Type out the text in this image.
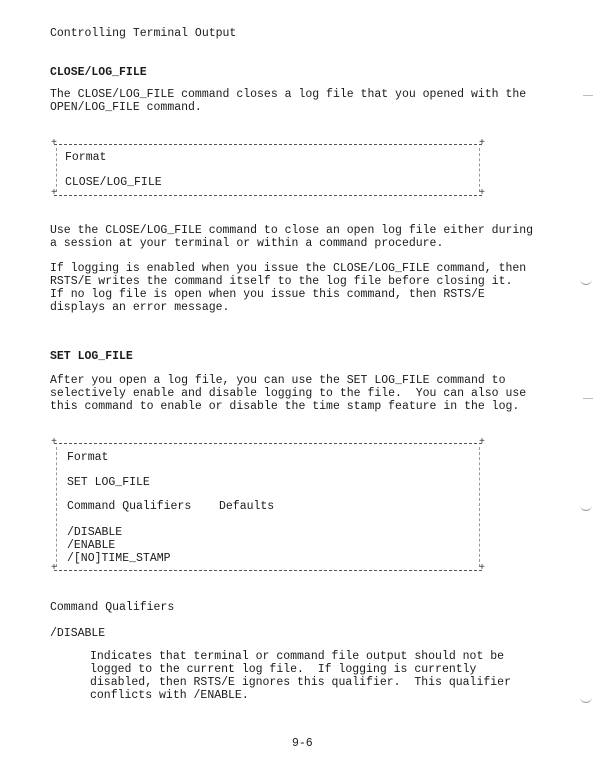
Controlling Terminal Output
CLOSE/LOG_FILE
The CLOSE/LOG_FILE command closes a log file that you opened with the
OPEN/LOG_FILE command.
+	+
+	+
Format
CLOSE/LOG_FILE
Use the CLOSE/LOG_FILE command to close an open log file either during
a session at your terminal or within a command procedure.
If logging is enabled when you issue the CLOSE/LOG_FILE command, then
RSTS/E writes the command itself to the log file before closing it.
If no log file is open when you issue this command, then RSTS/E
displays an error message.
SET LOG_FILE
After you open a log file, you can use the SET LOG_FILE command to
selectively enable and disable logging to the file.  You can also use
this command to enable or disable the time stamp feature in the log.
+	+
+	+
Format
SET LOG_FILE
Command Qualifiers Defaults
/DISABLE
/ENABLE
/[NO]TIME_STAMP
Command Qualifiers
/DISABLE
Indicates that terminal or command file output should not be
logged to the current log file.  If logging is currently
disabled, then RSTS/E ignores this qualifier.  This qualifier
conflicts with /ENABLE.
9-6
